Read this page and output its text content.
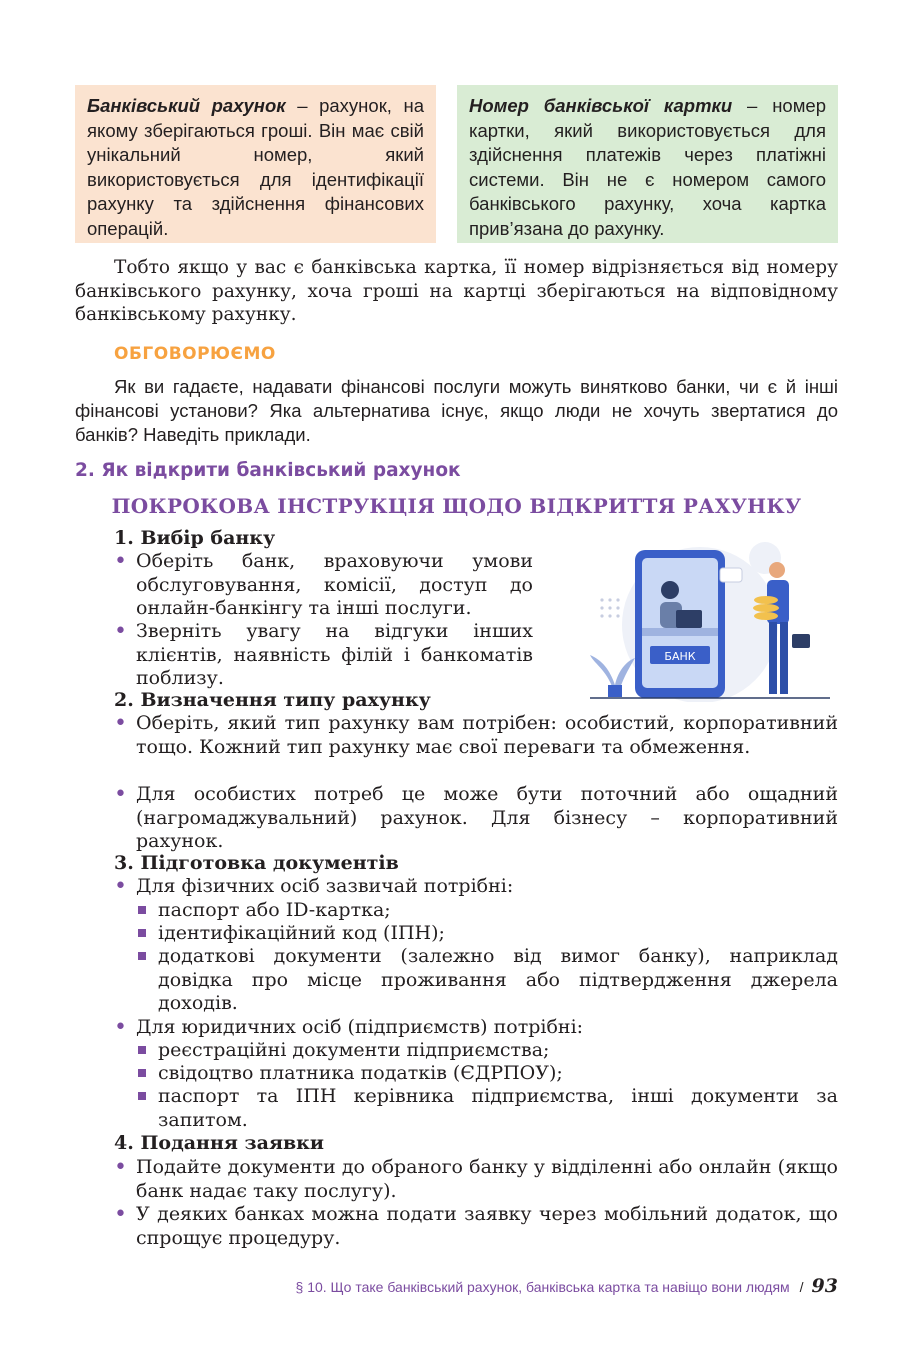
Банківський рахунок – рахунок, на якому зберігаються гроші. Він має свій унікальний номер, який використовується для ідентифікації рахунку та здійснення фінансових операцій.
Номер банківської картки – номер картки, який використовується для здійснення платежів через платіжні системи. Він не є номером самого банківського рахунку, хоча картка прив’язана до рахунку.

Тобто якщо у вас є банківська картка, її номер відрізняється від номеру банківського рахунку, хоча гроші на картці зберігаються на відповідному банківському рахунку.

ОБГОВОРЮЄМО

Як ви гадаєте, надавати фінансові послуги можуть винятково банки, чи є й інші фінансові установи? Яка альтернатива існує, якщо люди не хочуть звертатися до банків? Наведіть приклади.

2. Як відкрити банківський рахунок
ПОКРОКОВА ІНСТРУКЦІЯ ЩОДО ВІДКРИТТЯ РАХУНКУ
БАНК

1. Вибір банку

• Оберіть банк, враховуючи умови обслуговування, комісії, доступ до онлайн-банкінгу та інші послуги.

• Зверніть увагу на відгуки інших клієнтів, наявність філій і банкоматів поблизу.

2. Визначення типу рахунку

• Оберіть, який тип рахунку вам потрібен: особистий, корпоративний тощо. Кожний тип рахунку має свої переваги та обмеження.

• Для особистих потреб це може бути поточний або ощадний (нагромаджувальний) рахунок. Для бізнесу – корпоративний рахунок.

3. Підготовка документів

• Для фізичних осіб зазвичай потрібні:

паспорт або ID-картка;

ідентифікаційний код (ІПН);

додаткові документи (залежно від вимог банку), наприклад довідка про місце проживання або підтвердження джерела доходів.

• Для юридичних осіб (підприємств) потрібні:

реєстраційні документи підприємства;

свідоцтво платника податків (ЄДРПОУ);

паспорт та ІПН керівника підприємства, інші документи за запитом.

4. Подання заявки

• Подайте документи до обраного банку у відділенні або онлайн (якщо банк надає таку послугу).

• У деяких банках можна подати заявку через мобільний додаток, що спрощує процедуру.

§ 10. Що таке банківський рахунок, банківська картка та навіщо вони людям / 93
